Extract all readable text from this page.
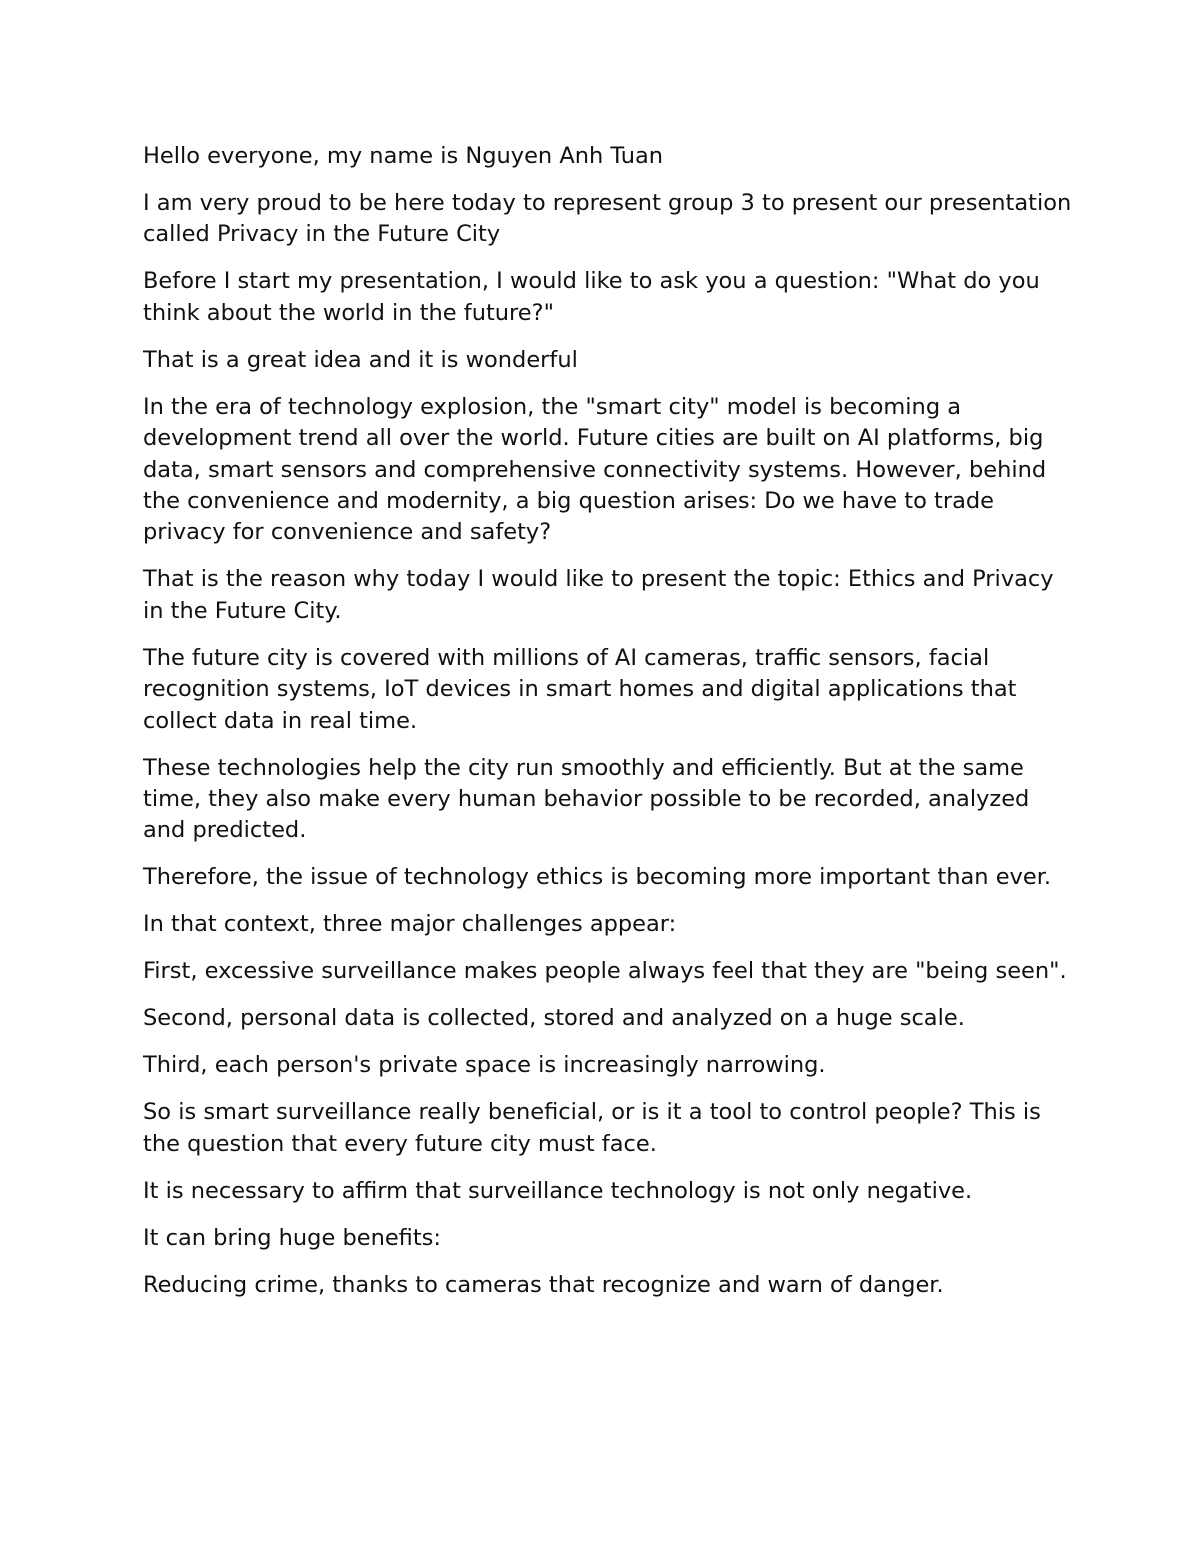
Hello everyone, my name is Nguyen Anh Tuan

I am very proud to be here today to represent group 3 to present our presentation called Privacy in the Future City

Before I start my presentation, I would like to ask you a question: "What do you think about the world in the future?"

That is a great idea and it is wonderful

In the era of technology explosion, the "smart city" model is becoming a development trend all over the world. Future cities are built on AI platforms, big data, smart sensors and comprehensive connectivity systems. However, behind the convenience and modernity, a big question arises: Do we have to trade privacy for convenience and safety?

That is the reason why today I would like to present the topic: Ethics and Privacy in the Future City.

The future city is covered with millions of AI cameras, traffic sensors, facial recognition systems, IoT devices in smart homes and digital applications that collect data in real time.

These technologies help the city run smoothly and efficiently. But at the same time, they also make every human behavior possible to be recorded, analyzed and predicted.

Therefore, the issue of technology ethics is becoming more important than ever.

In that context, three major challenges appear:

First, excessive surveillance makes people always feel that they are "being seen".

Second, personal data is collected, stored and analyzed on a huge scale.

Third, each person's private space is increasingly narrowing.

So is smart surveillance really beneficial, or is it a tool to control people? This is the question that every future city must face.

It is necessary to affirm that surveillance technology is not only negative.

It can bring huge benefits:

Reducing crime, thanks to cameras that recognize and warn of danger.
